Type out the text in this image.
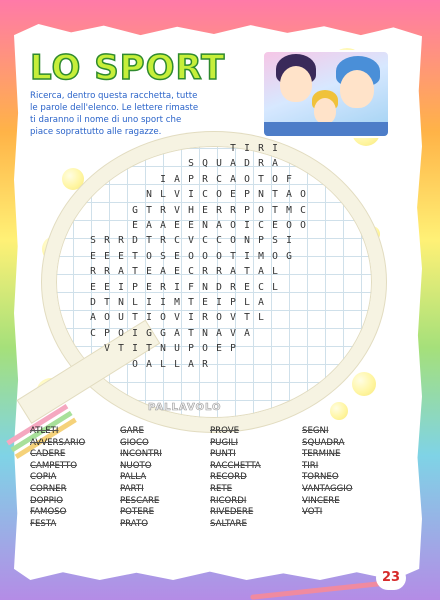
LO SPORT
Ricerca, dentro questa racchetta, tutte le parole dell'elenco. Le lettere rimaste ti daranno il nome di uno sport che piace soprattutto alle ragazze.
T I R I
S Q U A D R A
I A P R C A O T O F
N L V I C O E P N T A O
G T R V H E R R P O T M C
E A A E E N A O I C E O O
S R R D T R C V C C O N P S I
E E E T O S E O O O T I M O G
R R A T E A E C R R A T A L
E E I P E R I F N D R E C L
D T N L I I M T E I P L A
A O U T I O V I R O V T L
C P O I G G A T N A V A
V T I T N U P O E P
O A L L A R
PALLAVOLO
ATLETI
AVVERSARIO
CADERE
CAMPETTO
COPIA
CORNER
DOPPIO
FAMOSO
FESTA
GARE
GIOCO
INCONTRI
NUOTO
PALLA
PARTI
PESCARE
POTERE
PRATO
PROVE
PUGILI
PUNTI
RACCHETTA
RECORD
RETE
RICORDI
RIVEDERE
SALTARE
SEGNI
SQUADRA
TERMINE
TIRI
TORNEO
VANTAGGIO
VINCERE
VOTI
23
